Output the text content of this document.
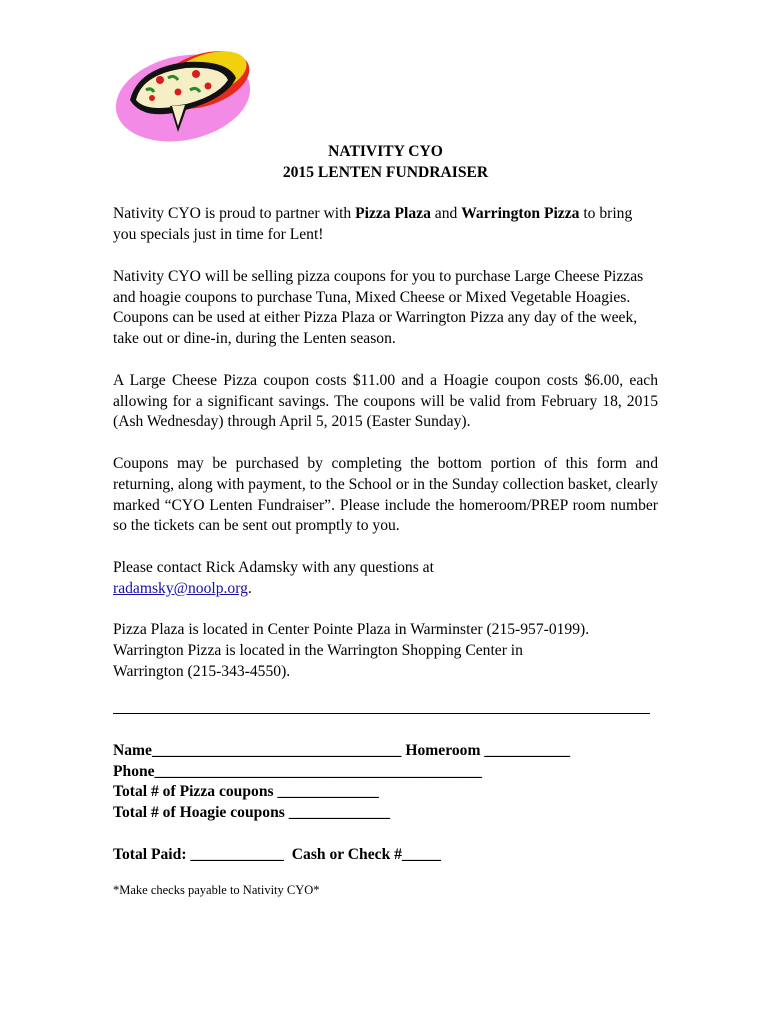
NATIVITY CYO

2015 LENTEN FUNDRAISER

Nativity CYO is proud to partner with Pizza Plaza and Warrington Pizza to bring you specials just in time for Lent!

Nativity CYO will be selling pizza coupons for you to purchase Large Cheese Pizzas and hoagie coupons to purchase Tuna, Mixed Cheese or Mixed Vegetable Hoagies. Coupons can be used at either Pizza Plaza or Warrington Pizza any day of the week, take out or dine-in, during the Lenten season.

A Large Cheese Pizza coupon costs $11.00 and a Hoagie coupon costs $6.00, each allowing for a significant savings. The coupons will be valid from February 18, 2015 (Ash Wednesday) through April 5, 2015 (Easter Sunday).

Coupons may be purchased by completing the bottom portion of this form and returning, along with payment, to the School or in the Sunday collection basket, clearly marked “CYO Lenten Fundraiser”. Please include the homeroom/PREP room number so the tickets can be sent out promptly to you.

Please contact Rick Adamsky with any questions at

radamsky@noolp.org.

Pizza Plaza is located in Center Pointe Plaza in Warminster (215-957-0199).

Warrington Pizza is located in the Warrington Shopping Center in

Warrington (215-343-4550).

Name________________________________ Homeroom ___________
Phone__________________________________________
Total # of Pizza coupons _____________
Total # of Hoagie coupons _____________
Total Paid: ____________  Cash or Check #_____

*Make checks payable to Nativity CYO*
